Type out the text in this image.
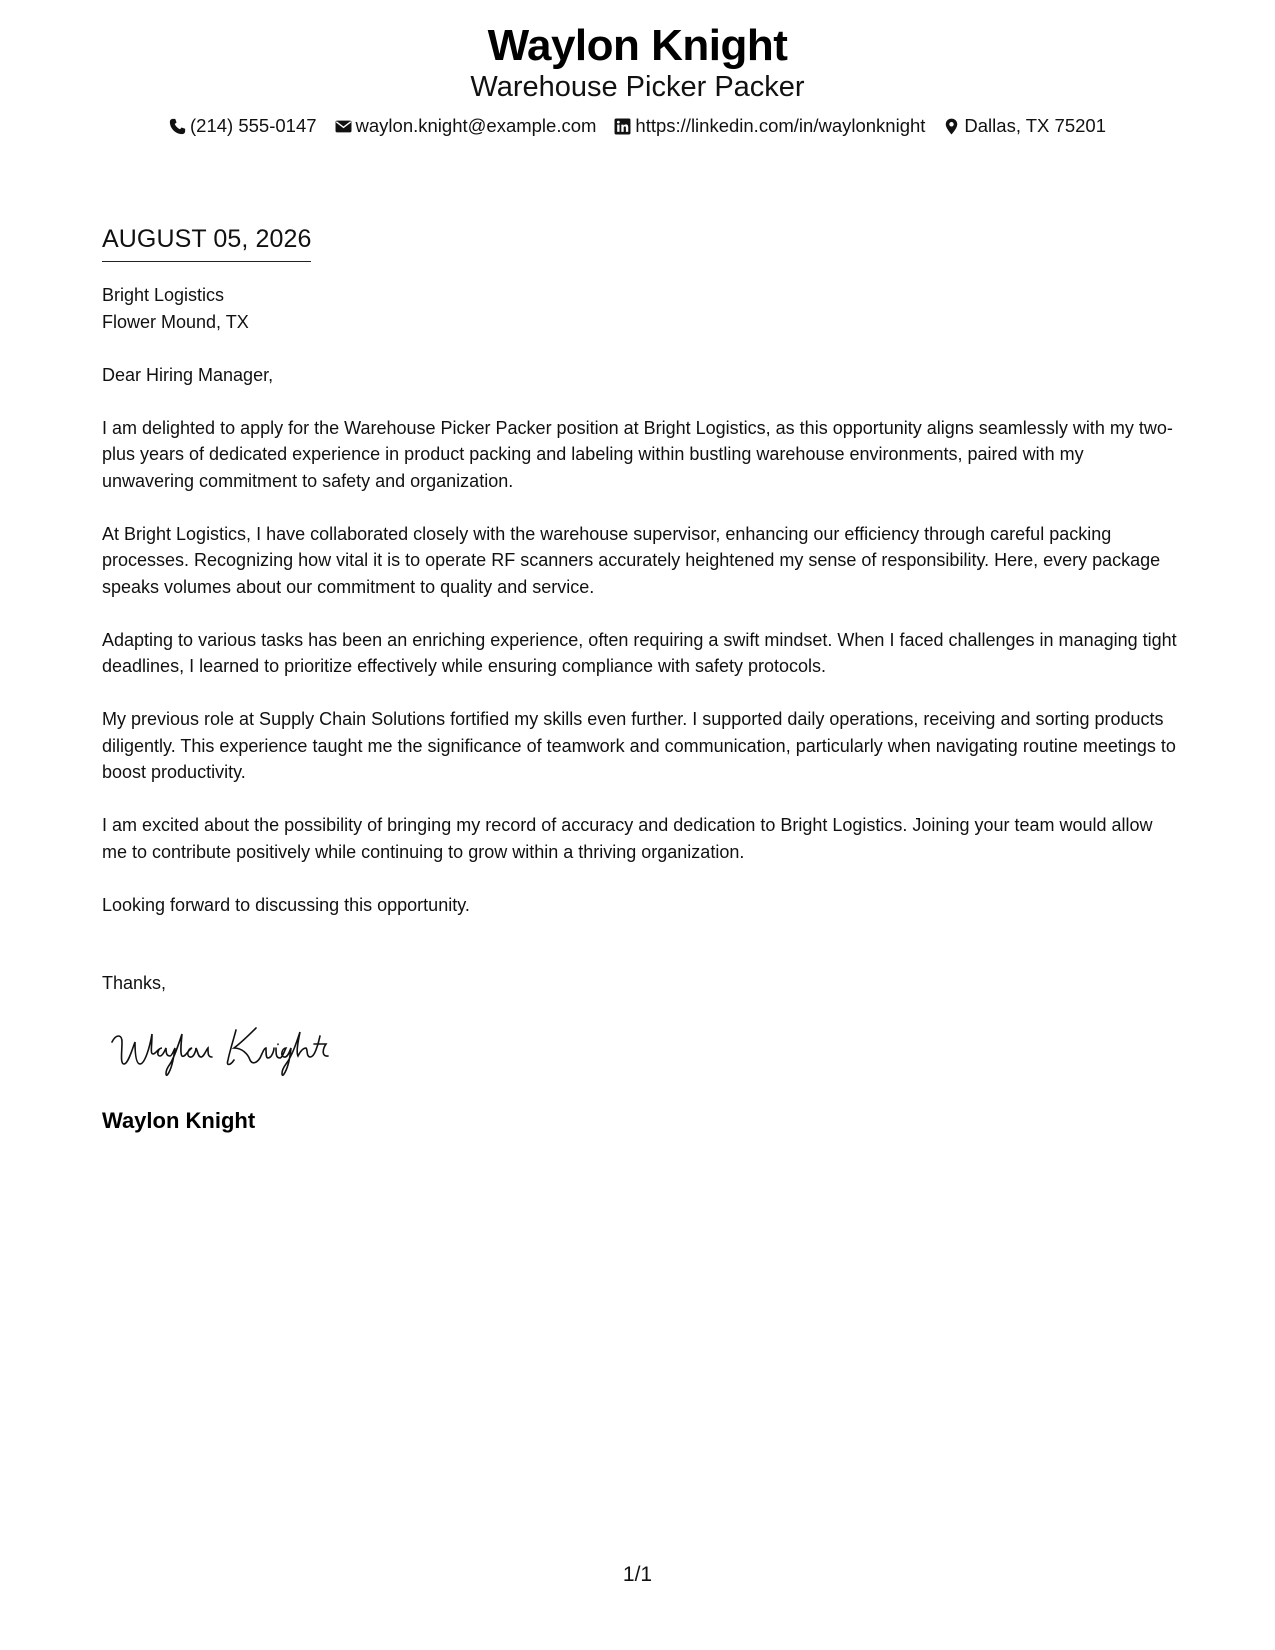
Waylon Knight
Warehouse Picker Packer
(214) 555-0147 waylon.knight@example.com https://linkedin.com/in/waylonknight Dallas, TX 75201
AUGUST 05, 2026
Bright Logistics
Flower Mound, TX

Dear Hiring Manager,

I am delighted to apply for the Warehouse Picker Packer position at Bright Logistics, as this opportunity aligns seamlessly with my two-plus years of dedicated experience in product packing and labeling within bustling warehouse environments, paired with my unwavering commitment to safety and organization.

At Bright Logistics, I have collaborated closely with the warehouse supervisor, enhancing our efficiency through careful packing processes. Recognizing how vital it is to operate RF scanners accurately heightened my sense of responsibility. Here, every package speaks volumes about our commitment to quality and service.

Adapting to various tasks has been an enriching experience, often requiring a swift mindset. When I faced challenges in managing tight deadlines, I learned to prioritize effectively while ensuring compliance with safety protocols.

My previous role at Supply Chain Solutions fortified my skills even further. I supported daily operations, receiving and sorting products diligently. This experience taught me the significance of teamwork and communication, particularly when navigating routine meetings to boost productivity.

I am excited about the possibility of bringing my record of accuracy and dedication to Bright Logistics. Joining your team would allow me to contribute positively while continuing to grow within a thriving organization.

Looking forward to discussing this opportunity.

Thanks,
Waylon Knight
1/1
